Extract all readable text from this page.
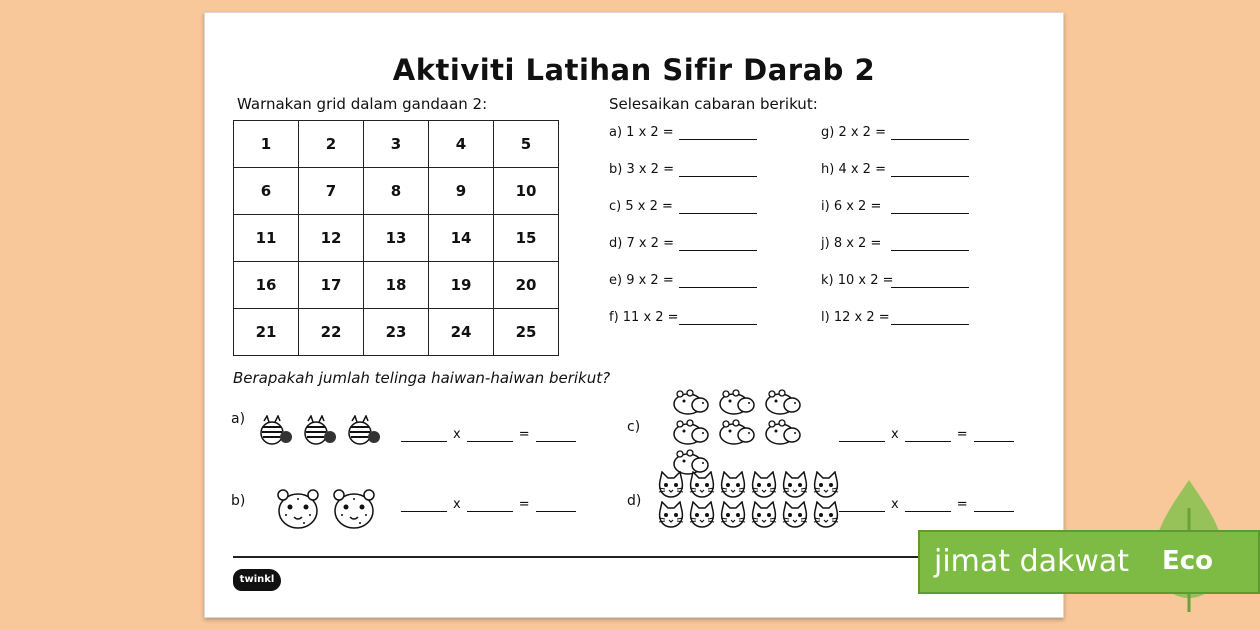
Aktiviti Latihan Sifir Darab 2
Warnakan grid dalam gandaan 2:
1	2	3	4	5
6	7	8	9	10
11	12	13	14	15
16	17	18	19	20
21	22	23	24	25
Selesaikan cabaran berikut:
a) 1 x 2 =
b) 3 x 2 =
c) 5 x 2 =
d) 7 x 2 =
e) 9 x 2 =
f) 11 x 2 =
g) 2 x 2 =
h) 4 x 2 =
i) 6 x 2 =
j) 8 x 2 =
k) 10 x 2 =
l) 12 x 2 =
Berapakah jumlah telinga haiwan-haiwan berikut?
a)
x	=
b)	x	=
c)	x	=
d)	x	=
twinkl
jimat dakwat Eco
